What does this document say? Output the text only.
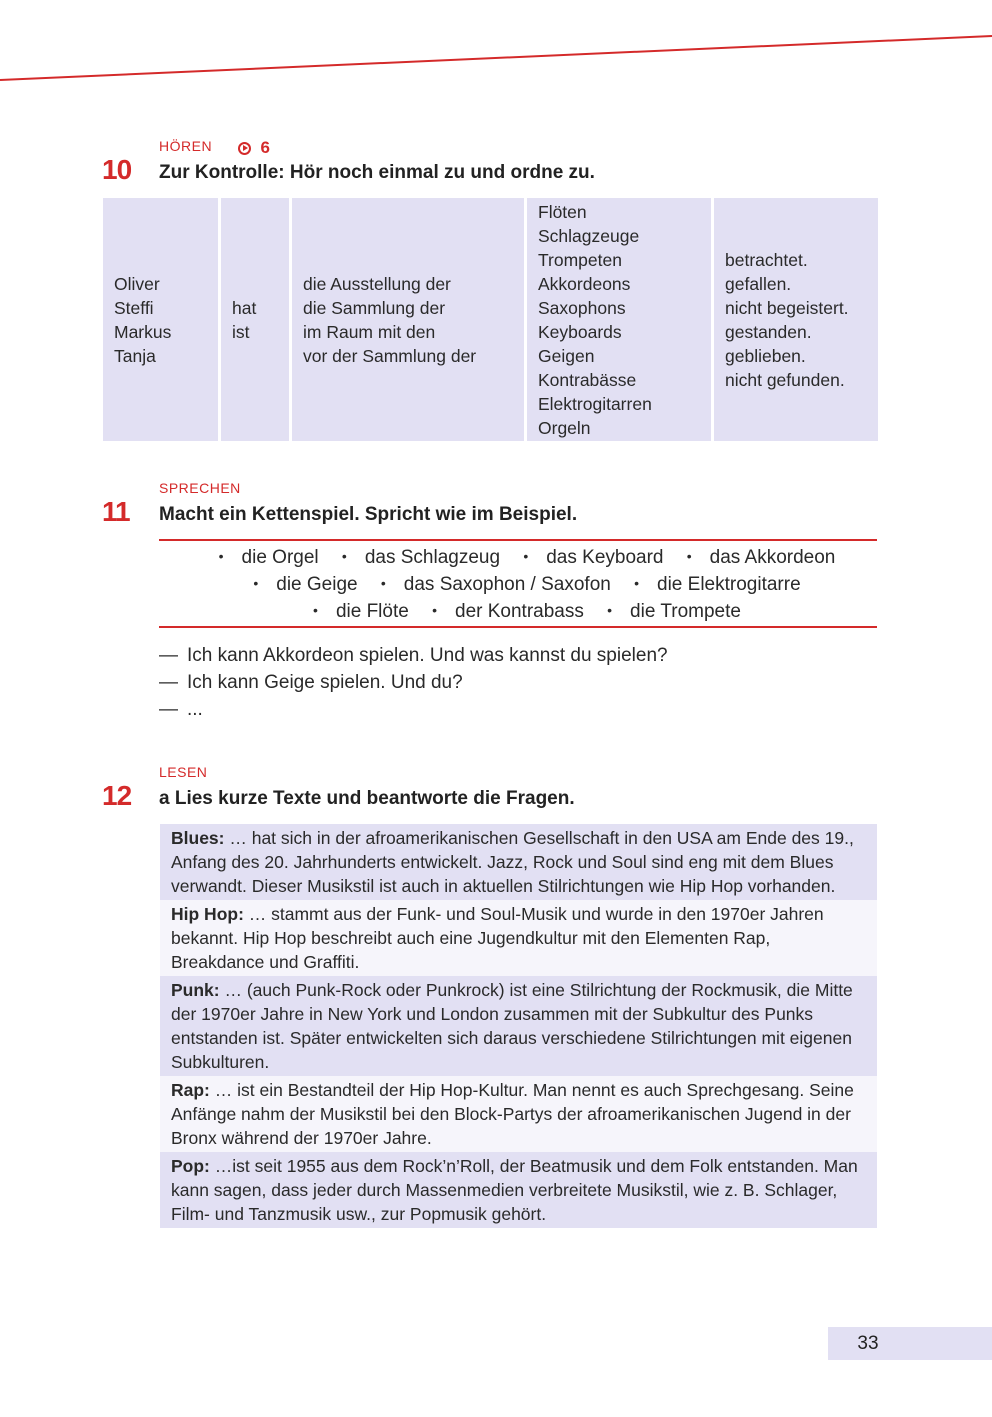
HÖREN	6
10 Zur Kontrolle: Hör noch einmal zu und ordne zu.
Oliver
Steffi
Markus
Tanja
hat
ist
die Ausstellung der
die Sammlung der
im Raum mit den
vor der Sammlung der
Flöten
Schlagzeuge
Trompeten
Akkordeons
Saxophons
Keyboards
Geigen
Kontrabässe
Elektrogitarren
Orgeln
betrachtet.
gefallen.
nicht begeistert.
gestanden.
geblieben.
nicht gefunden.
SPRECHEN
11 Macht ein Kettenspiel. Spricht wie im Beispiel.
• die Orgel • das Schlagzeug • das Keyboard • das Akkordeon
• die Geige • das Saxophon / Saxofon • die Elektrogitarre
• die Flöte • der Kontrabass • die Trompete
— Ich kann Akkordeon spielen. Und was kannst du spielen?
— Ich kann Geige spielen. Und du?
— ...
LESEN
12 a Lies kurze Texte und beantworte die Fragen.
Blues: … hat sich in der afroamerikanischen Gesellschaft in den USA am Ende des 19., Anfang des 20. Jahrhunderts entwickelt. Jazz, Rock und Soul sind eng mit dem Blues verwandt. Dieser Musikstil ist auch in aktuellen Stilrichtungen wie Hip Hop vorhanden.
Hip Hop: … stammt aus der Funk- und Soul-Musik und wurde in den 1970er Jahren bekannt. Hip Hop beschreibt auch eine Jugendkultur mit den Elementen Rap, Breakdance und Graffiti.
Punk: … (auch Punk-Rock oder Punkrock) ist eine Stilrichtung der Rockmusik, die Mitte der 1970er Jahre in New York und London zusammen mit der Subkultur des Punks entstanden ist. Später entwickelten sich daraus verschiedene Stilrichtungen mit eigenen Subkulturen.
Rap: … ist ein Bestandteil der Hip Hop-Kultur. Man nennt es auch Sprechgesang. Seine Anfänge nahm der Musikstil bei den Block-Partys der afroamerikanischen Jugend in der Bronx während der 1970er Jahre.
Pop: …ist seit 1955 aus dem Rock’n’Roll, der Beatmusik und dem Folk entstanden. Man kann sagen, dass jeder durch Massenmedien verbreitete Musikstil, wie z. B. Schlager, Film- und Tanzmusik usw., zur Popmusik gehört.
33
